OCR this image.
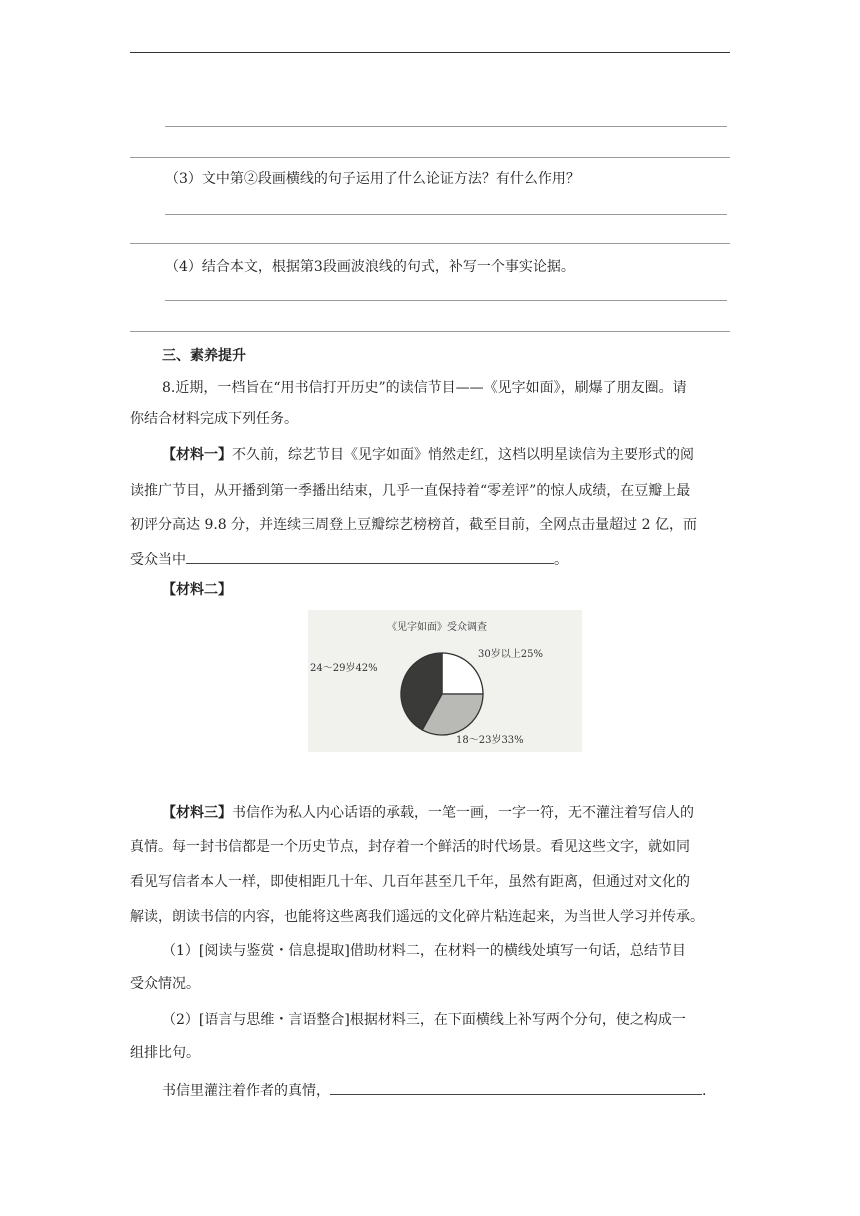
（3）文中第②段画横线的句子运用了什么论证方法？有什么作用？
（4）结合本文，根据第3段画波浪线的句式，补写一个事实论据。
三、素养提升
8.近期，一档旨在“用书信打开历史”的读信节目——《见字如面》，刷爆了朋友圈。请
你结合材料完成下列任务。
【材料一】不久前，综艺节目《见字如面》悄然走红，这档以明星读信为主要形式的阅
读推广节目，从开播到第一季播出结束，几乎一直保持着“零差评”的惊人成绩，在豆瓣上最
初评分高达 9.8 分，并连续三周登上豆瓣综艺榜榜首，截至目前，全网点击量超过 2 亿，而
受众当中	。
【材料二】
《见字如面》受众调查
30岁以上25%
18～23岁33%
24～29岁42%
【材料三】书信作为私人内心话语的承载，一笔一画，一字一符，无不灌注着写信人的
真情。每一封书信都是一个历史节点，封存着一个鲜活的时代场景。看见这些文字，就如同
看见写信者本人一样，即使相距几十年、几百年甚至几千年，虽然有距离，但通过对文化的
解读，朗读书信的内容，也能将这些离我们遥远的文化碎片粘连起来，为当世人学习并传承。
（1）[阅读与鉴赏・信息提取]借助材料二，在材料一的横线处填写一句话，总结节目
受众情况。
（2）[语言与思维・言语整合]根据材料三，在下面横线上补写两个分句，使之构成一
组排比句。
书信里灌注着作者的真情，	.
